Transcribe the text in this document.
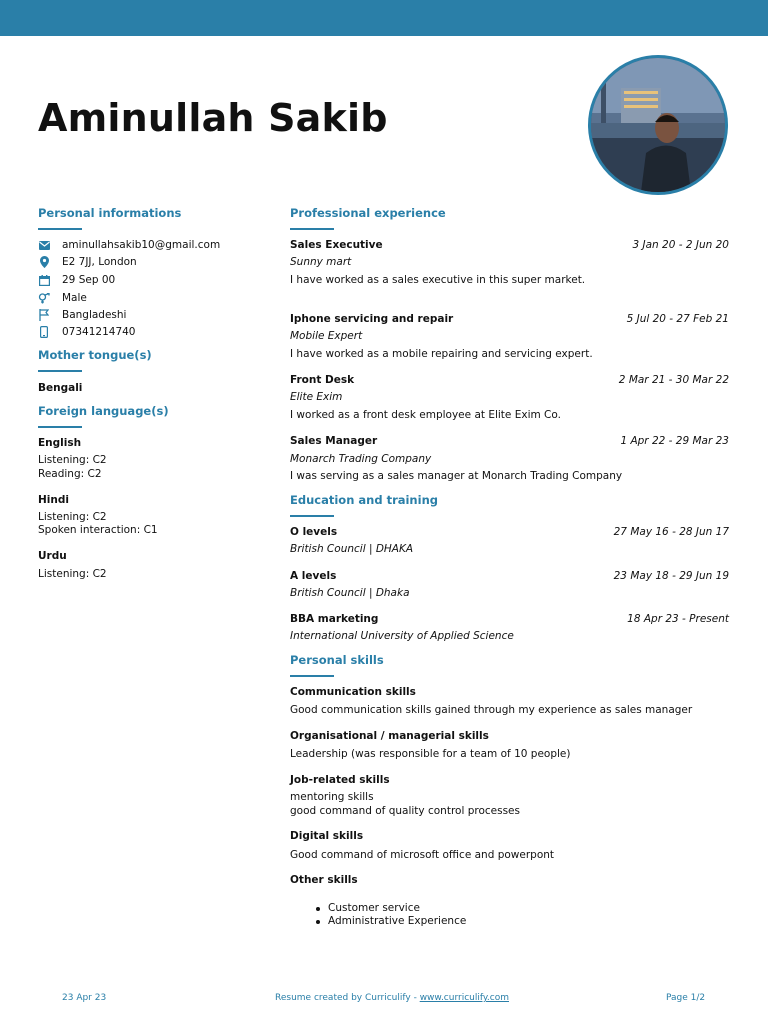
Aminullah Sakib
Personal informations
aminullahsakib10@gmail.com
E2 7JJ, London
29 Sep 00
Male
Bangladeshi
07341214740
Mother tongue(s)
Bengali
Foreign language(s)
English
Listening: C2
Reading: C2
Hindi
Listening: C2
Spoken interaction: C1
Urdu
Listening: C2
Professional experience
Sales Executive	3 Jan 20 - 2 Jun 20
Sunny mart
I have worked as a sales executive in this super market.
Iphone servicing and repair	5 Jul 20 - 27 Feb 21
Mobile Expert
I have worked as a mobile repairing and servicing expert.
Front Desk	2 Mar 21 - 30 Mar 22
Elite Exim
I worked as a front desk employee at Elite Exim Co.
Sales Manager	1 Apr 22 - 29 Mar 23
Monarch Trading Company
I was serving as a sales manager at Monarch Trading Company
Education and training
O levels	27 May 16 - 28 Jun 17
British Council | DHAKA
A levels	23 May 18 - 29 Jun 19
British Council | Dhaka
BBA marketing	18 Apr 23 - Present
International University of Applied Science
Personal skills
Communication skills
Good communication skills gained through my experience as sales manager
Organisational / managerial skills
Leadership (was responsible for a team of 10 people)
Job-related skills
mentoring skills
good command of quality control processes
Digital skills
Good command of microsoft office and powerpont
Other skills
Customer service
Administrative Experience
23 Apr 23	Resume created by Curriculify - www.curriculify.com	Page 1/2
